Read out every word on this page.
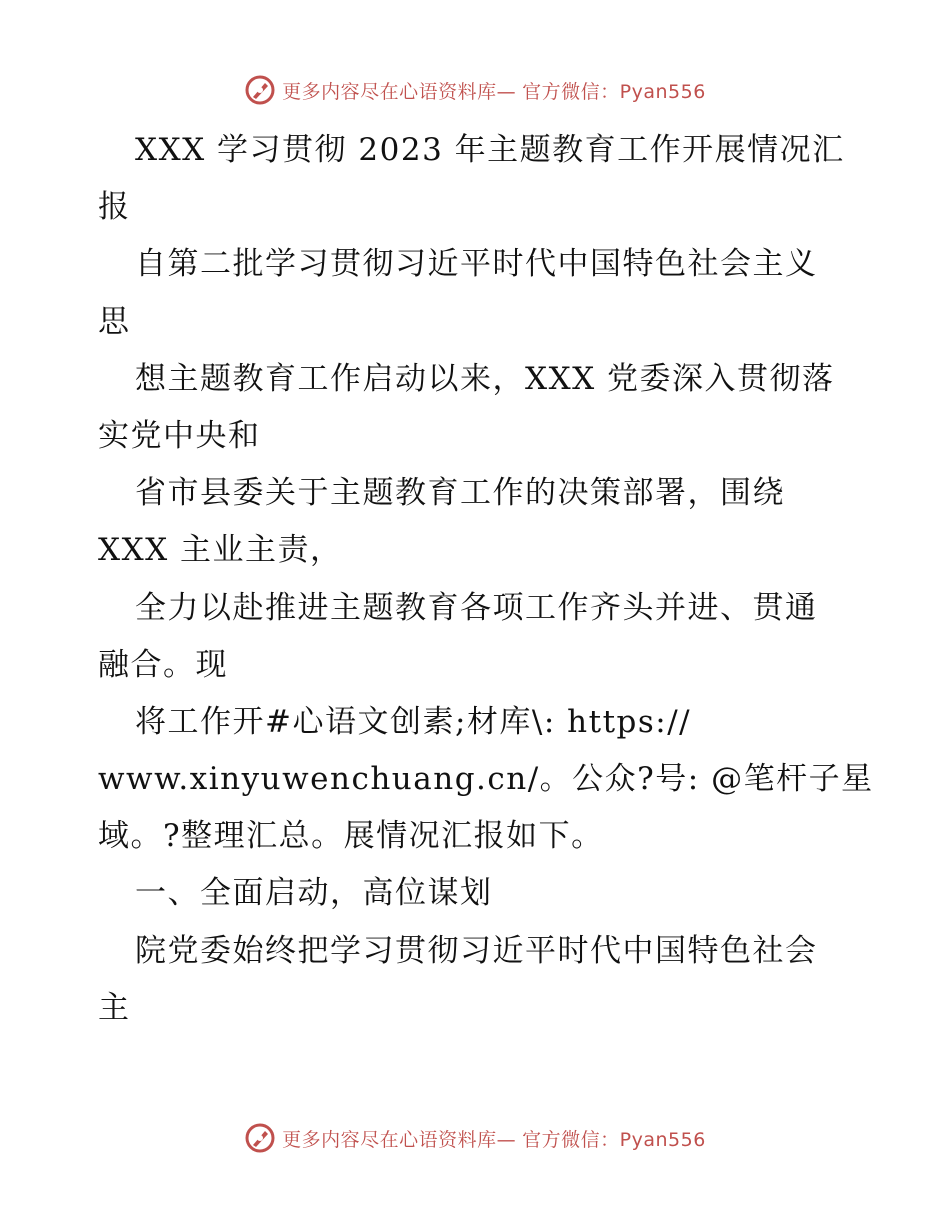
更多内容尽在心语资料库— 官方微信：Pyan556
XXX 学习贯彻 2023 年主题教育工作开展情况汇
报
自第二批学习贯彻习近平时代中国特色社会主义
思
想主题教育工作启动以来，XXX 党委深入贯彻落
实党中央和
省市县委关于主题教育工作的决策部署，围绕
XXX 主业主责，
全力以赴推进主题教育各项工作齐头并进、贯通
融合。现
将工作开#心语文创素;材库\: https://
www.xinyuwenchuang.cn/。公众?号: @笔杆子星
域。?整理汇总。展情况汇报如下。
一、全面启动，高位谋划
院党委始终把学习贯彻习近平时代中国特色社会
主
更多内容尽在心语资料库— 官方微信：Pyan556
